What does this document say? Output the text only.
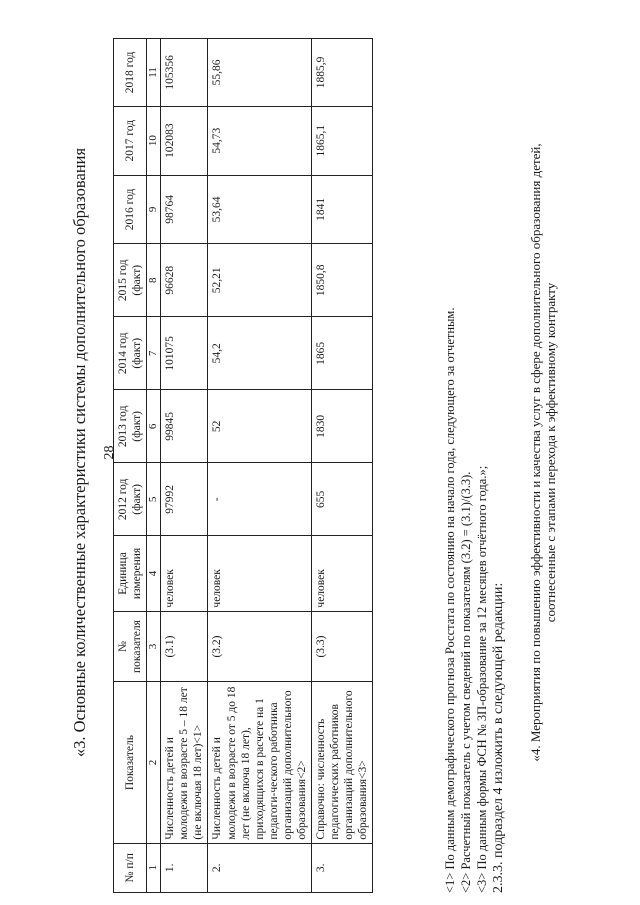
28
«3. Основные количественные характеристики системы дополнительного образования
№ п/п	Показатель	№ показателя	Единица измерения	2012 год (факт)	2013 год (факт)	2014 год (факт)	2015 год (факт)	2016 год	2017 год	2018 год
1	2	3	4	5	6	7	8	9	10	11
1.	Численность детей и молодежи в возрасте 5 – 18 лет (не включая 18 лет)<1>	(3.1)	человек	97992	99845	101075	96628	98764	102083	105356
2.	Численность детей и молодежи в возрасте от 5 до 18 лет (не включа 18 лет), приходящихся в расчете на 1 педагоги-ческого работника организаций дополнительного образования<2>	(3.2)	человек	-	52	54,2	52,21	53,64	54,73	55,86
3.	Справочно: численность педагогических работников организаций дополнительного образования<3>	(3.3)	человек	655	1830	1865	1850,8	1841	1865,1	1885,9

<1> По данным демографического прогноза Росстата по состоянию на начало года, следующего за отчетным. <2> Расчетный показатель с учетом сведений по показателям (3.2) = (3.1)/(3.3). <3> По данным формы ФСН № 3П-образование за 12 месяцев отчётного года.»; 2.3.3. подраздел 4 изложить в следующей редакции: «4. Мероприятия по повышению эффективности и качества услуг в сфере дополнительного образования детей, соотнесенные с этапами перехода к эффективному контракту
